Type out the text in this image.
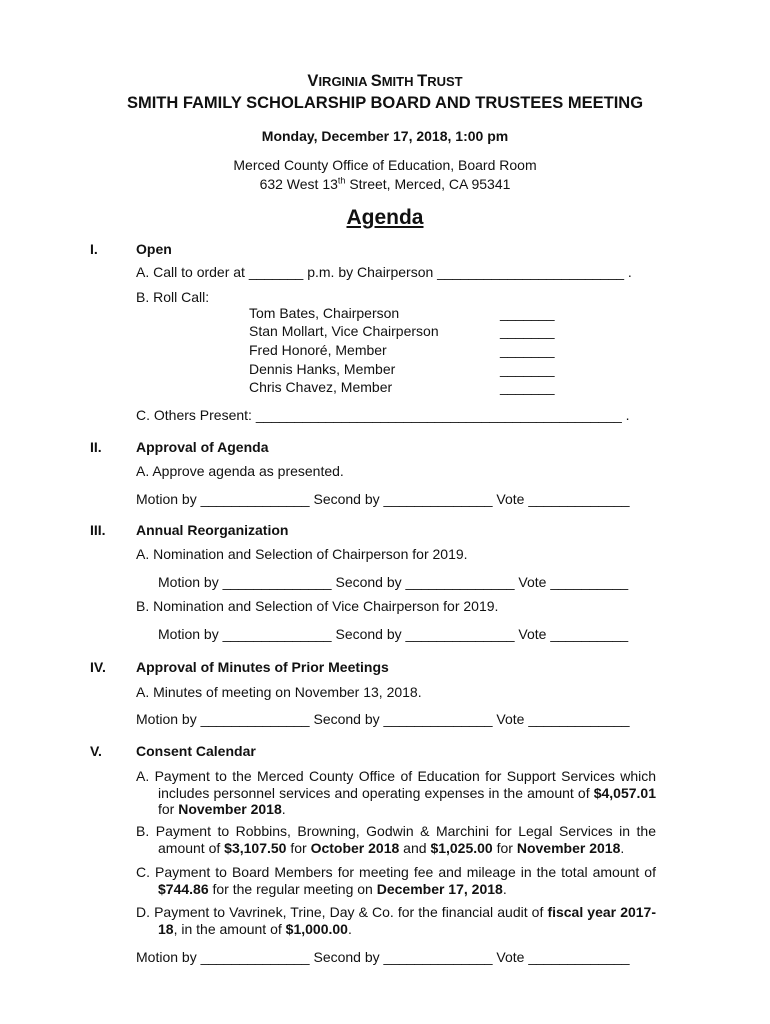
VIRGINIA SMITH TRUST
SMITH FAMILY SCHOLARSHIP BOARD AND TRUSTEES MEETING
Monday, December 17, 2018, 1:00 pm
Merced County Office of Education, Board Room
632 West 13th Street, Merced, CA 95341
Agenda
I.	Open
A. Call to order at _______ p.m. by Chairperson ________________________ .
B. Roll Call:
Tom Bates, Chairperson	_______
Stan Mollart, Vice Chairperson	_______
Fred Honoré, Member	_______
Dennis Hanks, Member	_______
Chris Chavez, Member	_______
C. Others Present: _______________________________________________ .
II. Approval of Agenda
A. Approve agenda as presented.
Motion by ______________ Second by ______________ Vote _____________
III. Annual Reorganization
A. Nomination and Selection of Chairperson for 2019.
Motion by ______________ Second by ______________ Vote __________
B. Nomination and Selection of Vice Chairperson for 2019.
Motion by ______________ Second by ______________ Vote __________
IV. Approval of Minutes of Prior Meetings
A. Minutes of meeting on November 13, 2018.
Motion by ______________ Second by ______________ Vote _____________
V. Consent Calendar
A. Payment to the Merced County Office of Education for Support Services which includes personnel services and operating expenses in the amount of $4,057.01 for November 2018.
B. Payment to Robbins, Browning, Godwin & Marchini for Legal Services in the amount of $3,107.50 for October 2018 and $1,025.00 for November 2018.
C. Payment to Board Members for meeting fee and mileage in the total amount of $744.86 for the regular meeting on December 17, 2018.
D. Payment to Vavrinek, Trine, Day & Co. for the financial audit of fiscal year 2017-18, in the amount of $1,000.00.
Motion by ______________ Second by ______________ Vote _____________
